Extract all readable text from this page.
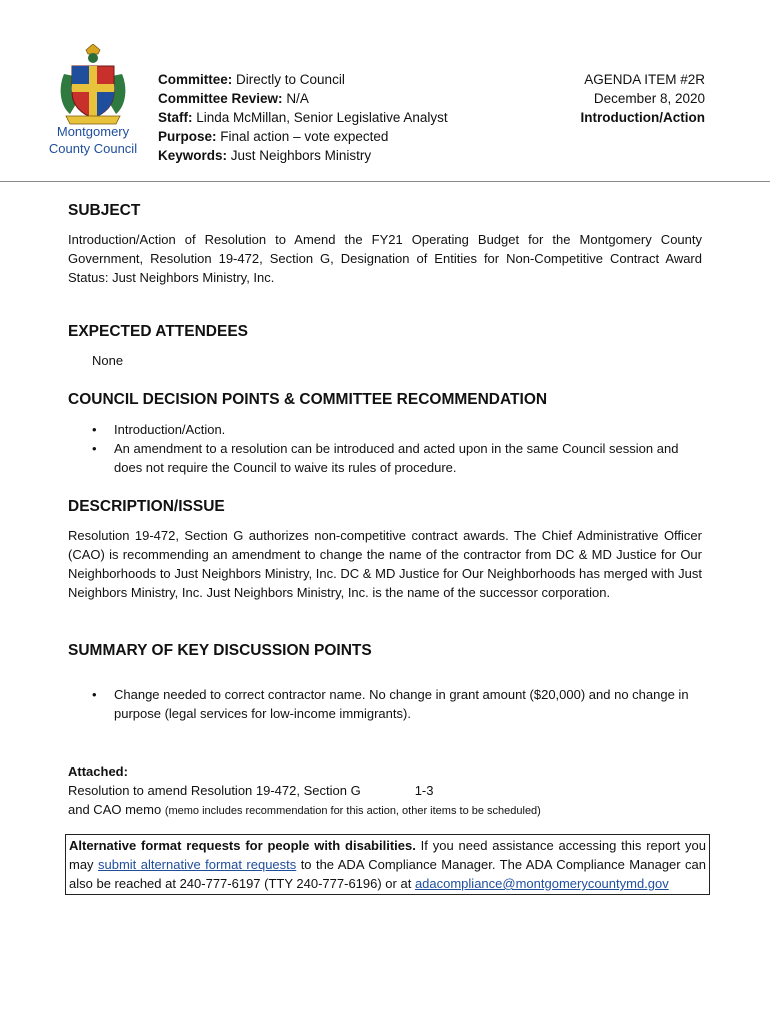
Montgomery
County Council
Committee: Directly to Council
Committee Review: N/A
Staff: Linda McMillan, Senior Legislative Analyst
Purpose: Final action – vote expected
Keywords: Just Neighbors Ministry
AGENDA ITEM #2R
December 8, 2020
Introduction/Action
SUBJECT
Introduction/Action of Resolution to Amend the FY21 Operating Budget for the Montgomery County Government, Resolution 19-472, Section G, Designation of Entities for Non-Competitive Contract Award Status: Just Neighbors Ministry, Inc.
EXPECTED ATTENDEES
None
COUNCIL DECISION POINTS & COMMITTEE RECOMMENDATION
• Introduction/Action.
• An amendment to a resolution can be introduced and acted upon in the same Council session and does not require the Council to waive its rules of procedure.
DESCRIPTION/ISSUE
Resolution 19-472, Section G authorizes non-competitive contract awards. The Chief Administrative Officer (CAO) is recommending an amendment to change the name of the contractor from DC & MD Justice for Our Neighborhoods to Just Neighbors Ministry, Inc. DC & MD Justice for Our Neighborhoods has merged with Just Neighbors Ministry, Inc. Just Neighbors Ministry, Inc. is the name of the successor corporation.
SUMMARY OF KEY DISCUSSION POINTS
• Change needed to correct contractor name. No change in grant amount ($20,000) and no change in purpose (legal services for low-income immigrants).
Attached:
Resolution to amend Resolution 19-472, Section G	1-3
and CAO memo (memo includes recommendation for this action, other items to be scheduled)
Alternative format requests for people with disabilities. If you need assistance accessing this report you may submit alternative format requests to the ADA Compliance Manager. The ADA Compliance Manager can also be reached at 240-777-6197 (TTY 240-777-6196) or at adacompliance@montgomerycountymd.gov
